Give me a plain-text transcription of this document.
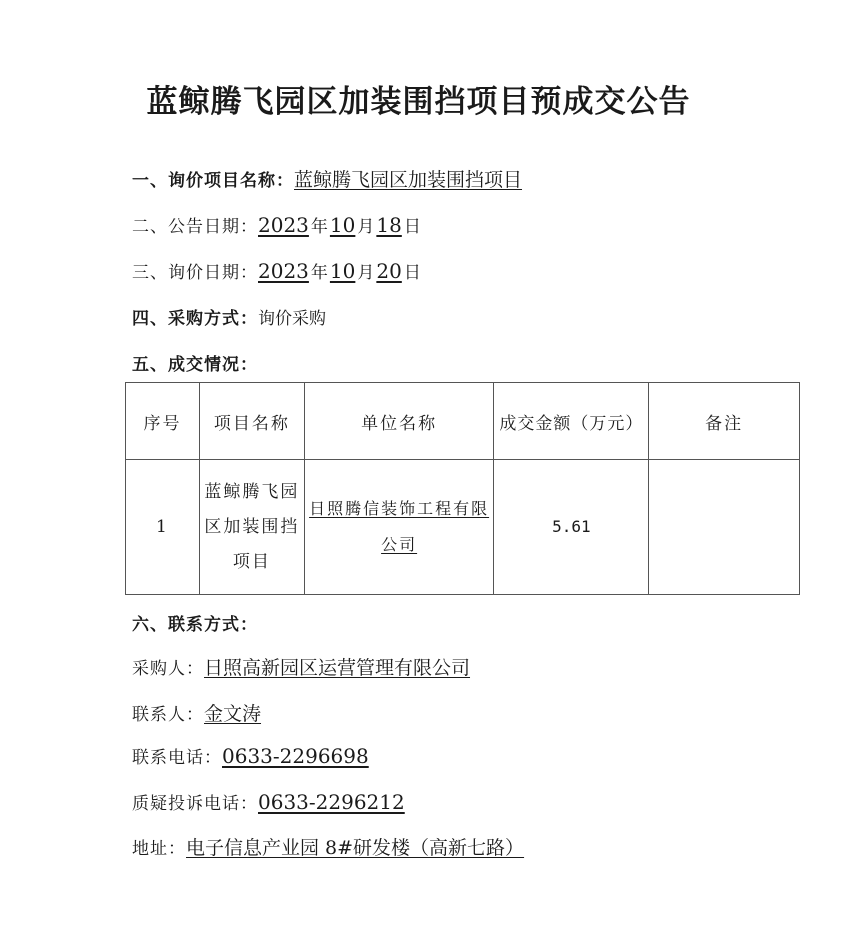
蓝鲸腾飞园区加装围挡项目预成交公告
一、询价项目名称：蓝鲸腾飞园区加装围挡项目
二、公告日期：2023 年 10 月 18 日
三、询价日期：2023 年 10 月 20 日
四、采购方式：询价采购
五、成交情况：
序号	项目名称	单位名称	成交金额（万元）	备注
1	蓝鲸腾飞园区加装围挡项目	日照腾信装饰工程有限公司	5.61	
六、联系方式：
采购人：日照高新园区运营管理有限公司
联系人：金文涛
联系电话：0633-2296698
质疑投诉电话：0633-2296212
地址：电子信息产业园 8#研发楼（高新七路）
